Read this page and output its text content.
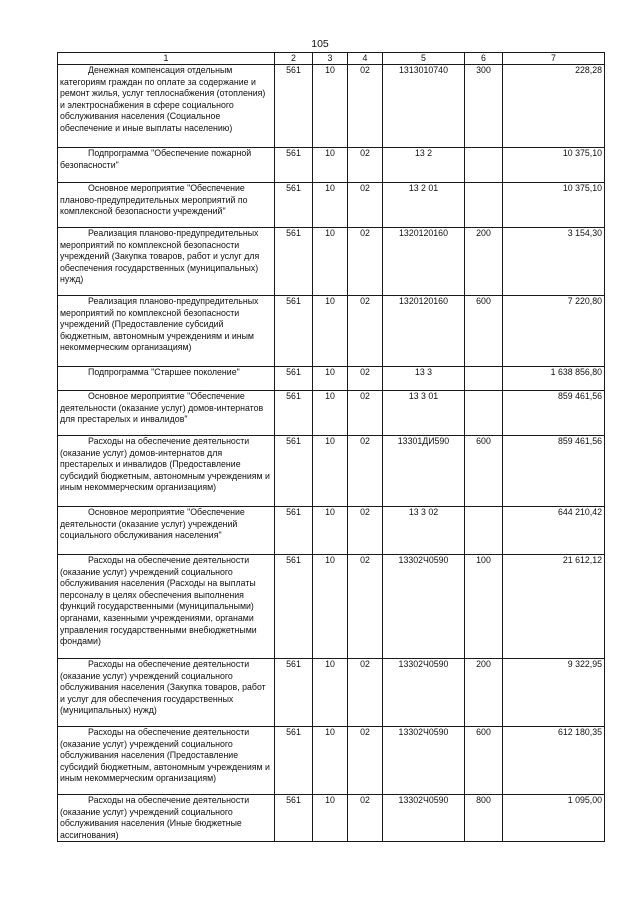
105
1	2	3	4	5	6	7
Денежная компенсация отдельным категориям граждан по оплате за содержание и ремонт жилья, услуг теплоснабжения (отопления) и электроснабжения в сфере социального обслуживания населения (Социальное обеспечение и иные выплаты населению)	561	10	02	1313010740	300	228,28
Подпрограмма "Обеспечение пожарной безопасности"	561	10	02	13 2		10 375,10
Основное мероприятие "Обеспечение планово-предупредительных мероприятий по комплексной безопасности учреждений"	561	10	02	13 2 01		10 375,10
Реализация планово-предупредительных мероприятий по комплексной безопасности учреждений (Закупка товаров, работ и услуг для обеспечения государственных (муниципальных) нужд)	561	10	02	1320120160	200	3 154,30
Реализация планово-предупредительных мероприятий по комплексной безопасности учреждений (Предоставление субсидий бюджетным, автономным учреждениям и иным некоммерческим организациям)	561	10	02	1320120160	600	7 220,80
Подпрограмма "Старшее поколение"	561	10	02	13 3		1 638 856,80
Основное мероприятие "Обеспечение деятельности (оказание услуг) домов-интернатов для престарелых и инвалидов"	561	10	02	13 3 01		859 461,56
Расходы на обеспечение деятельности (оказание услуг) домов-интернатов для престарелых и инвалидов (Предоставление субсидий бюджетным, автономным учреждениям и иным некоммерческим организациям)	561	10	02	13301ДИ590	600	859 461,56
Основное мероприятие "Обеспечение деятельности (оказание услуг) учреждений социального обслуживания населения"	561	10	02	13 3 02		644 210,42
Расходы на обеспечение деятельности (оказание услуг) учреждений социального обслуживания населения (Расходы на выплаты персоналу в целях обеспечения выполнения функций государственными (муниципальными) органами, казенными учреждениями, органами управления государственными внебюджетными фондами)	561	10	02	13302Ч0590	100	21 612,12
Расходы на обеспечение деятельности (оказание услуг) учреждений социального обслуживания населения (Закупка товаров, работ и услуг для обеспечения государственных (муниципальных) нужд)	561	10	02	13302Ч0590	200	9 322,95
Расходы на обеспечение деятельности (оказание услуг) учреждений социального обслуживания населения (Предоставление субсидий бюджетным, автономным учреждениям и иным некоммерческим организациям)	561	10	02	13302Ч0590	600	612 180,35
Расходы на обеспечение деятельности (оказание услуг) учреждений социального обслуживания населения (Иные бюджетные ассигнования)	561	10	02	13302Ч0590	800	1 095,00
